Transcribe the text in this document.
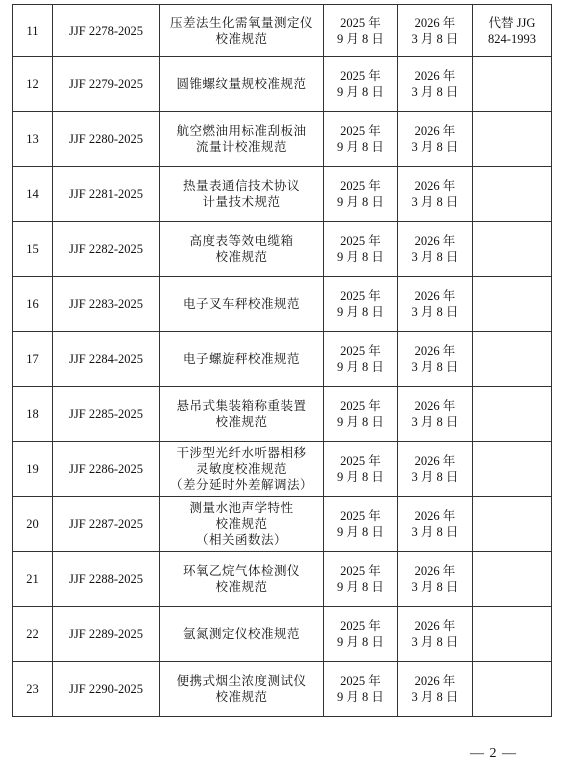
11	JJF 2278-2025	压差法生化需氧量测定仪
校准规范	2025 年
9 月 8 日	2026 年
3 月 8 日	代替 JJG
824-1993

12	JJF 2279-2025	圆锥螺纹量规校准规范	2025 年
9 月 8 日	2026 年
3 月 8 日	

13	JJF 2280-2025	航空燃油用标准刮板油
流量计校准规范	2025 年
9 月 8 日	2026 年
3 月 8 日	

14	JJF 2281-2025	热量表通信技术协议
计量技术规范	2025 年
9 月 8 日	2026 年
3 月 8 日	

15	JJF 2282-2025	高度表等效电缆箱
校准规范	2025 年
9 月 8 日	2026 年
3 月 8 日	

16	JJF 2283-2025	电子叉车秤校准规范	2025 年
9 月 8 日	2026 年
3 月 8 日	

17	JJF 2284-2025	电子螺旋秤校准规范	2025 年
9 月 8 日	2026 年
3 月 8 日	

18	JJF 2285-2025	悬吊式集装箱称重装置
校准规范	2025 年
9 月 8 日	2026 年
3 月 8 日	

19	JJF 2286-2025	干涉型光纤水听器相移
灵敏度校准规范
（差分延时外差解调法）	2025 年
9 月 8 日	2026 年
3 月 8 日	

20	JJF 2287-2025	测量水池声学特性
校准规范
（相关函数法）	2025 年
9 月 8 日	2026 年
3 月 8 日	

21	JJF 2288-2025	环氧乙烷气体检测仪
校准规范	2025 年
9 月 8 日	2026 年
3 月 8 日	

22	JJF 2289-2025	氩氮测定仪校准规范	2025 年
9 月 8 日	2026 年
3 月 8 日	

23	JJF 2290-2025	便携式烟尘浓度测试仪
校准规范	2025 年
9 月 8 日	2026 年
3 月 8 日	

— 2 —
